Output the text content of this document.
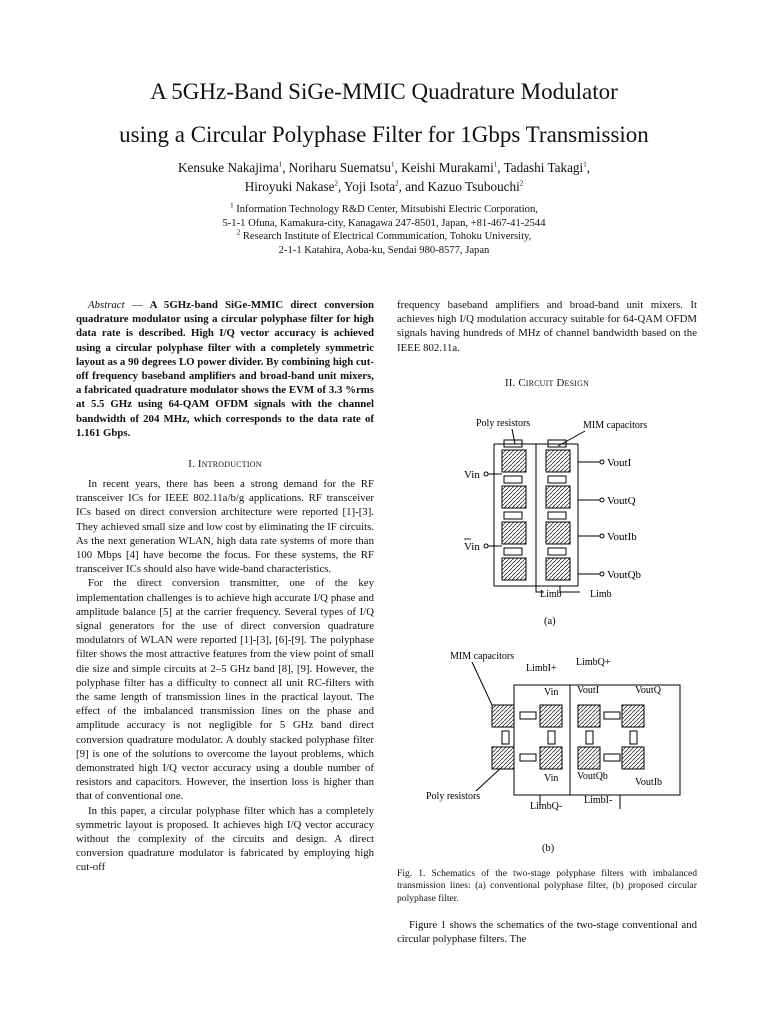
A 5GHz-Band SiGe-MMIC Quadrature Modulator
using a Circular Polyphase Filter for 1Gbps Transmission
Kensuke Nakajima$^1$, Noriharu Suematsu$^1$, Keishi Murakami$^1$, Tadashi Takagi$^1$,
Hiroyuki Nakase$^2$, Yoji Isota$^2$, and Kazuo Tsubouchi$^2$
$^1$ Information Technology R&D Center, Mitsubishi Electric Corporation,
5-1-1 Ofuna, Kamakura-city, Kanagawa 247-8501, Japan, +81-467-41-2544
$^2$ Research Institute of Electrical Communication, Tohoku University,
2-1-1 Katahira, Aoba-ku, Sendai 980-8577, Japan
Abstract — A 5GHz-band SiGe-MMIC direct conversion quadrature modulator using a circular polyphase filter for high data rate is described. High I/Q vector accuracy is achieved using a circular polyphase filter with a completely symmetric layout as a 90 degrees LO power divider. By combining high cut-off frequency baseband amplifiers and broad-band unit mixers, a fabricated quadrature modulator shows the EVM of 3.3 %rms at 5.5 GHz using 64-QAM OFDM signals with the channel bandwidth of 204 MHz, which corresponds to the data rate of 1.161 Gbps.
I. Introduction

In recent years, there has been a strong demand for the RF transceiver ICs for IEEE 802.11a/b/g applications. RF transceiver ICs based on direct conversion architecture were reported [1]-[3]. They achieved small size and low cost by eliminating the IF circuits. As the next generation WLAN, high data rate systems of more than 100 Mbps [4] have become the focus. For these systems, the RF transceiver ICs should also have wide-band characteristics.

For the direct conversion transmitter, one of the key implementation challenges is to achieve high accurate I/Q phase and amplitude balance [5] at the carrier frequency. Several types of I/Q signal generators for the use of direct conversion quadrature modulators of WLAN were reported [1]-[3], [6]-[9]. The polyphase filter shows the most attractive features from the view point of small die size and simple circuits at 2–5 GHz band [8], [9]. However, the polyphase filter has a difficulty to connect all unit RC-filters with the same length of transmission lines in the practical layout. The effect of the imbalanced transmission lines on the phase and amplitude accuracy is not negligible for 5 GHz band direct conversion quadrature modulator. A doubly stacked polyphase filter [9] is one of the solutions to overcome the layout problems, which demonstrated high I/Q vector accuracy using a double number of resistors and capacitors. However, the insertion loss is higher than that of conventional one.

In this paper, a circular polyphase filter which has a completely symmetric layout is proposed. It achieves high I/Q vector accuracy without the complexity of the circuits and design. A direct conversion quadrature modulator is fabricated by employing high cut-off

frequency baseband amplifiers and broad-band unit mixers. It achieves high I/Q modulation accuracy suitable for 64-QAM OFDM signals having hundreds of MHz of channel bandwidth based on the IEEE 802.11a.
II. Circuit Design
Poly resistors	MIM capacitors
Vin
Vin
VoutI
VoutQ
VoutIb
VoutQb
Limb	Limb
(a)
MIM capacitors
Poly resistors
LimbI+
LimbQ+
Vin VoutI	VoutQ
Vin VoutQb
VoutIb
LimbQ-
LimbI-
(b)
Fig. 1. Schematics of the two-stage polyphase filters with imbalanced transmission lines: (a) conventional polyphase filter, (b) proposed circular polyphase filter.
Figure 1 shows the schematics of the two-stage conventional and circular polyphase filters. The
